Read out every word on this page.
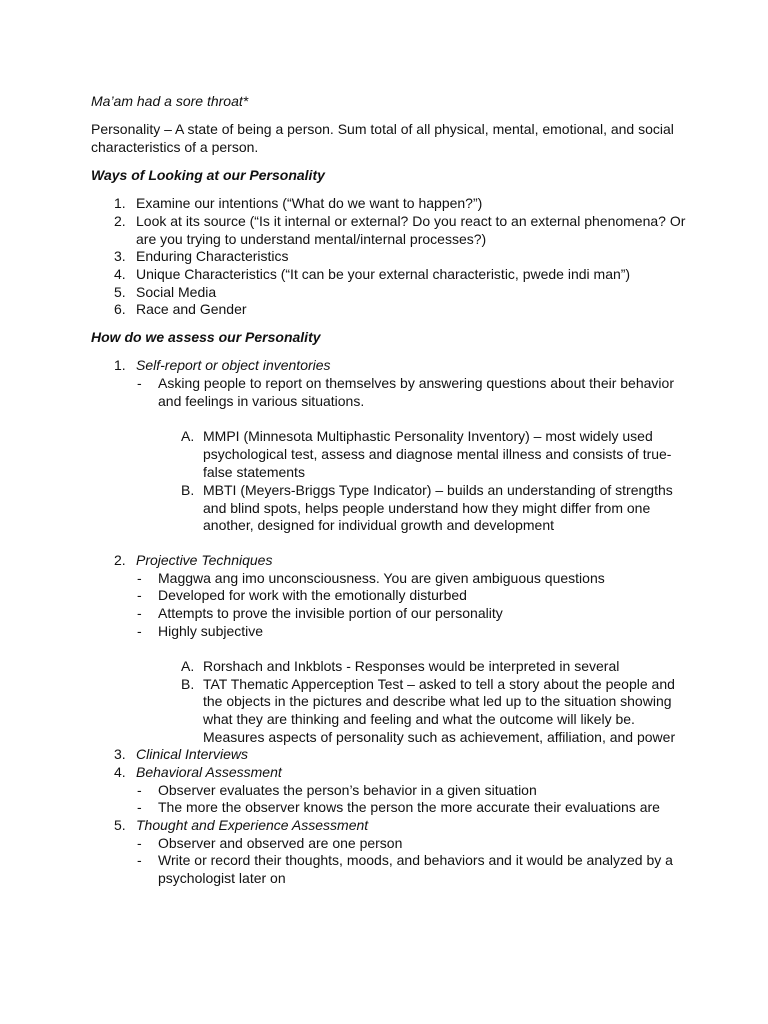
Ma’am had a sore throat*
Personality – A state of being a person. Sum total of all physical, mental, emotional, and social
characteristics of a person.
Ways of Looking at our Personality
1. Examine our intentions (“What do we want to happen?”)
2. Look at its source (“Is it internal or external? Do you react to an external phenomena? Or
are you trying to understand mental/internal processes?)
3. Enduring Characteristics
4. Unique Characteristics (“It can be your external characteristic, pwede indi man”)
5. Social Media
6. Race and Gender
How do we assess our Personality
1. Self-report or object inventories
- Asking people to report on themselves by answering questions about their behavior
and feelings in various situations.
A. MMPI (Minnesota Multiphastic Personality Inventory) – most widely used
psychological test, assess and diagnose mental illness and consists of true-
false statements
B. MBTI (Meyers-Briggs Type Indicator) – builds an understanding of strengths
and blind spots, helps people understand how they might differ from one
another, designed for individual growth and development
2. Projective Techniques
- Maggwa ang imo unconsciousness. You are given ambiguous questions
- Developed for work with the emotionally disturbed
- Attempts to prove the invisible portion of our personality
- Highly subjective
A. Rorshach and Inkblots - Responses would be interpreted in several
B. TAT Thematic Apperception Test – asked to tell a story about the people and
the objects in the pictures and describe what led up to the situation showing
what they are thinking and feeling and what the outcome will likely be.
Measures aspects of personality such as achievement, affiliation, and power
3. Clinical Interviews
4. Behavioral Assessment
- Observer evaluates the person’s behavior in a given situation
- The more the observer knows the person the more accurate their evaluations are
5. Thought and Experience Assessment
- Observer and observed are one person
- Write or record their thoughts, moods, and behaviors and it would be analyzed by a
psychologist later on
